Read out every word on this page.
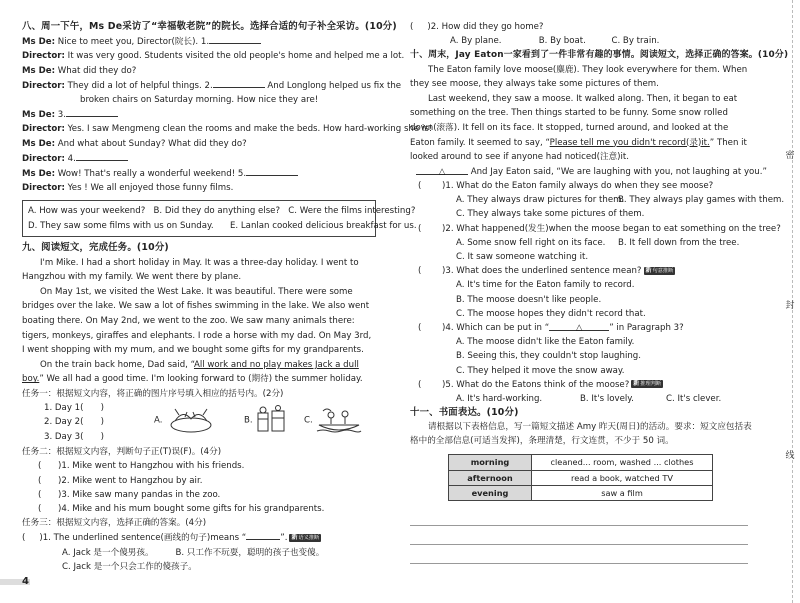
八、周一下午，Ms De采访了“幸福敬老院”的院长。选择合适的句子补全采访。(10分)
Ms De: Nice to meet you, Director(院长). 1.
Director: It was very good. Students visited the old people's home and helped me a lot.
Ms De: What did they do?
Director: They did a lot of helpful things. 2.	And Longlong helped us fix the
broken chairs on Saturday morning. How nice they are!
Ms De: 3.
Director: Yes. I saw Mengmeng clean the rooms and make the beds. How hard-working she is!
Ms De: And what about Sunday? What did they do?
Director: 4.
Ms De: Wow! That's really a wonderful weekend! 5.
Director: Yes ! We all enjoyed those funny films.
A. How was your weekend? B. Did they do anything else? C. Were the films interesting?
D. They saw some films with us on Sunday. E. Lanlan cooked delicious breakfast for us.
九、阅读短文，完成任务。(10分)
I'm Mike. I had a short holiday in May. It was a three-day holiday. I went to Hangzhou with my family. We went there by plane.
On May 1st, we visited the West Lake. It was beautiful. There were some bridges over the lake. We saw a lot of fishes swimming in the lake. We also went boating there. On May 2nd, we went to the zoo. We saw many animals there: tigers, monkeys, giraffes and elephants. I rode a horse with my dad. On May 3rd, I went shopping with my mum, and we bought some gifts for my grandparents.
On the train back home, Dad said, “All work and no play makes Jack a dull boy.” We all had a good time. I'm looking forward to (期待) the summer holiday.
任务一：根据短文内容，将正确的图片序号填入相应的括号内。(2分)
1. Day 1(　　)
2. Day 2(　　)
3. Day 3(　　)
A.	B.	C.
任务二：根据短文内容，判断句子正(T)误(F)。(4分)
( )1. Mike went to Hangzhou with his friends.
( )2. Mike went to Hangzhou by air.
( )3. Mike saw many pandas in the zoo.
( )4. Mike and his mum bought some gifts for his grandparents.
任务三：根据短文内容，选择正确的答案。(4分)
( )1. The underlined sentence(画线的句子)means “	”. 新语义推断
A. Jack 是一个傻男孩。	B. 只工作不玩耍，聪明的孩子也变傻。
C. Jack 是一个只会工作的傻孩子。
( )2. How did they go home?
A. By plane.	B. By boat.	C. By train.
十、周末，Jay Eaton一家看到了一件非常有趣的事情。阅读短文，选择正确的答案。(10分)
The Eaton family love moose(麋鹿). They look everywhere for them. When they see moose, they always take some pictures of them.
Last weekend, they saw a moose. It walked along. Then, it began to eat something on the tree. Then things started to be funny. Some snow rolled down(滚落). It fell on its face. It stopped, turned around, and looked at the Eaton family. It seemed to say, “Please tell me you didn't record(录)it.” Then it looked around to see if anyone had noticed(注意)it.
△	And Jay Eaton said, “We are laughing with you, not laughing at you.”
( )1. What do the Eaton family always do when they see moose?
A. They always draw pictures for them.B. They always play games with them.
C. They always take some pictures of them.
( )2. What happened(发生)when the moose began to eat something on the tree?
A. Some snow fell right on its face. B. It fell down from the tree.
C. It saw someone watching it.
( )3. What does the underlined sentence mean? 新句意推断
A. It's time for the Eaton family to record.
B. The moose doesn't like people.
C. The moose hopes they didn't record that.
( )4. Which can be put in “	△	” in Paragraph 3?
A. The moose didn't like the Eaton family.
B. Seeing this, they couldn't stop laughing.
C. They helped it move the snow away.
( )5. What do the Eatons think of the moose? 新推理判断
A. It's hard-working.	B. It's lovely.	C. It's clever.
十一、书面表达。(10分)
请根据以下表格信息，写一篇短文描述 Amy 昨天(周日)的活动。要求：短文应包括表格中的全部信息(可适当发挥)，条理清楚，行文连贯，不少于 50 词。
morning	cleaned... room, washed ... clothes
afternoon	read a book, watched TV
evening	saw a film
密
封
线
4
